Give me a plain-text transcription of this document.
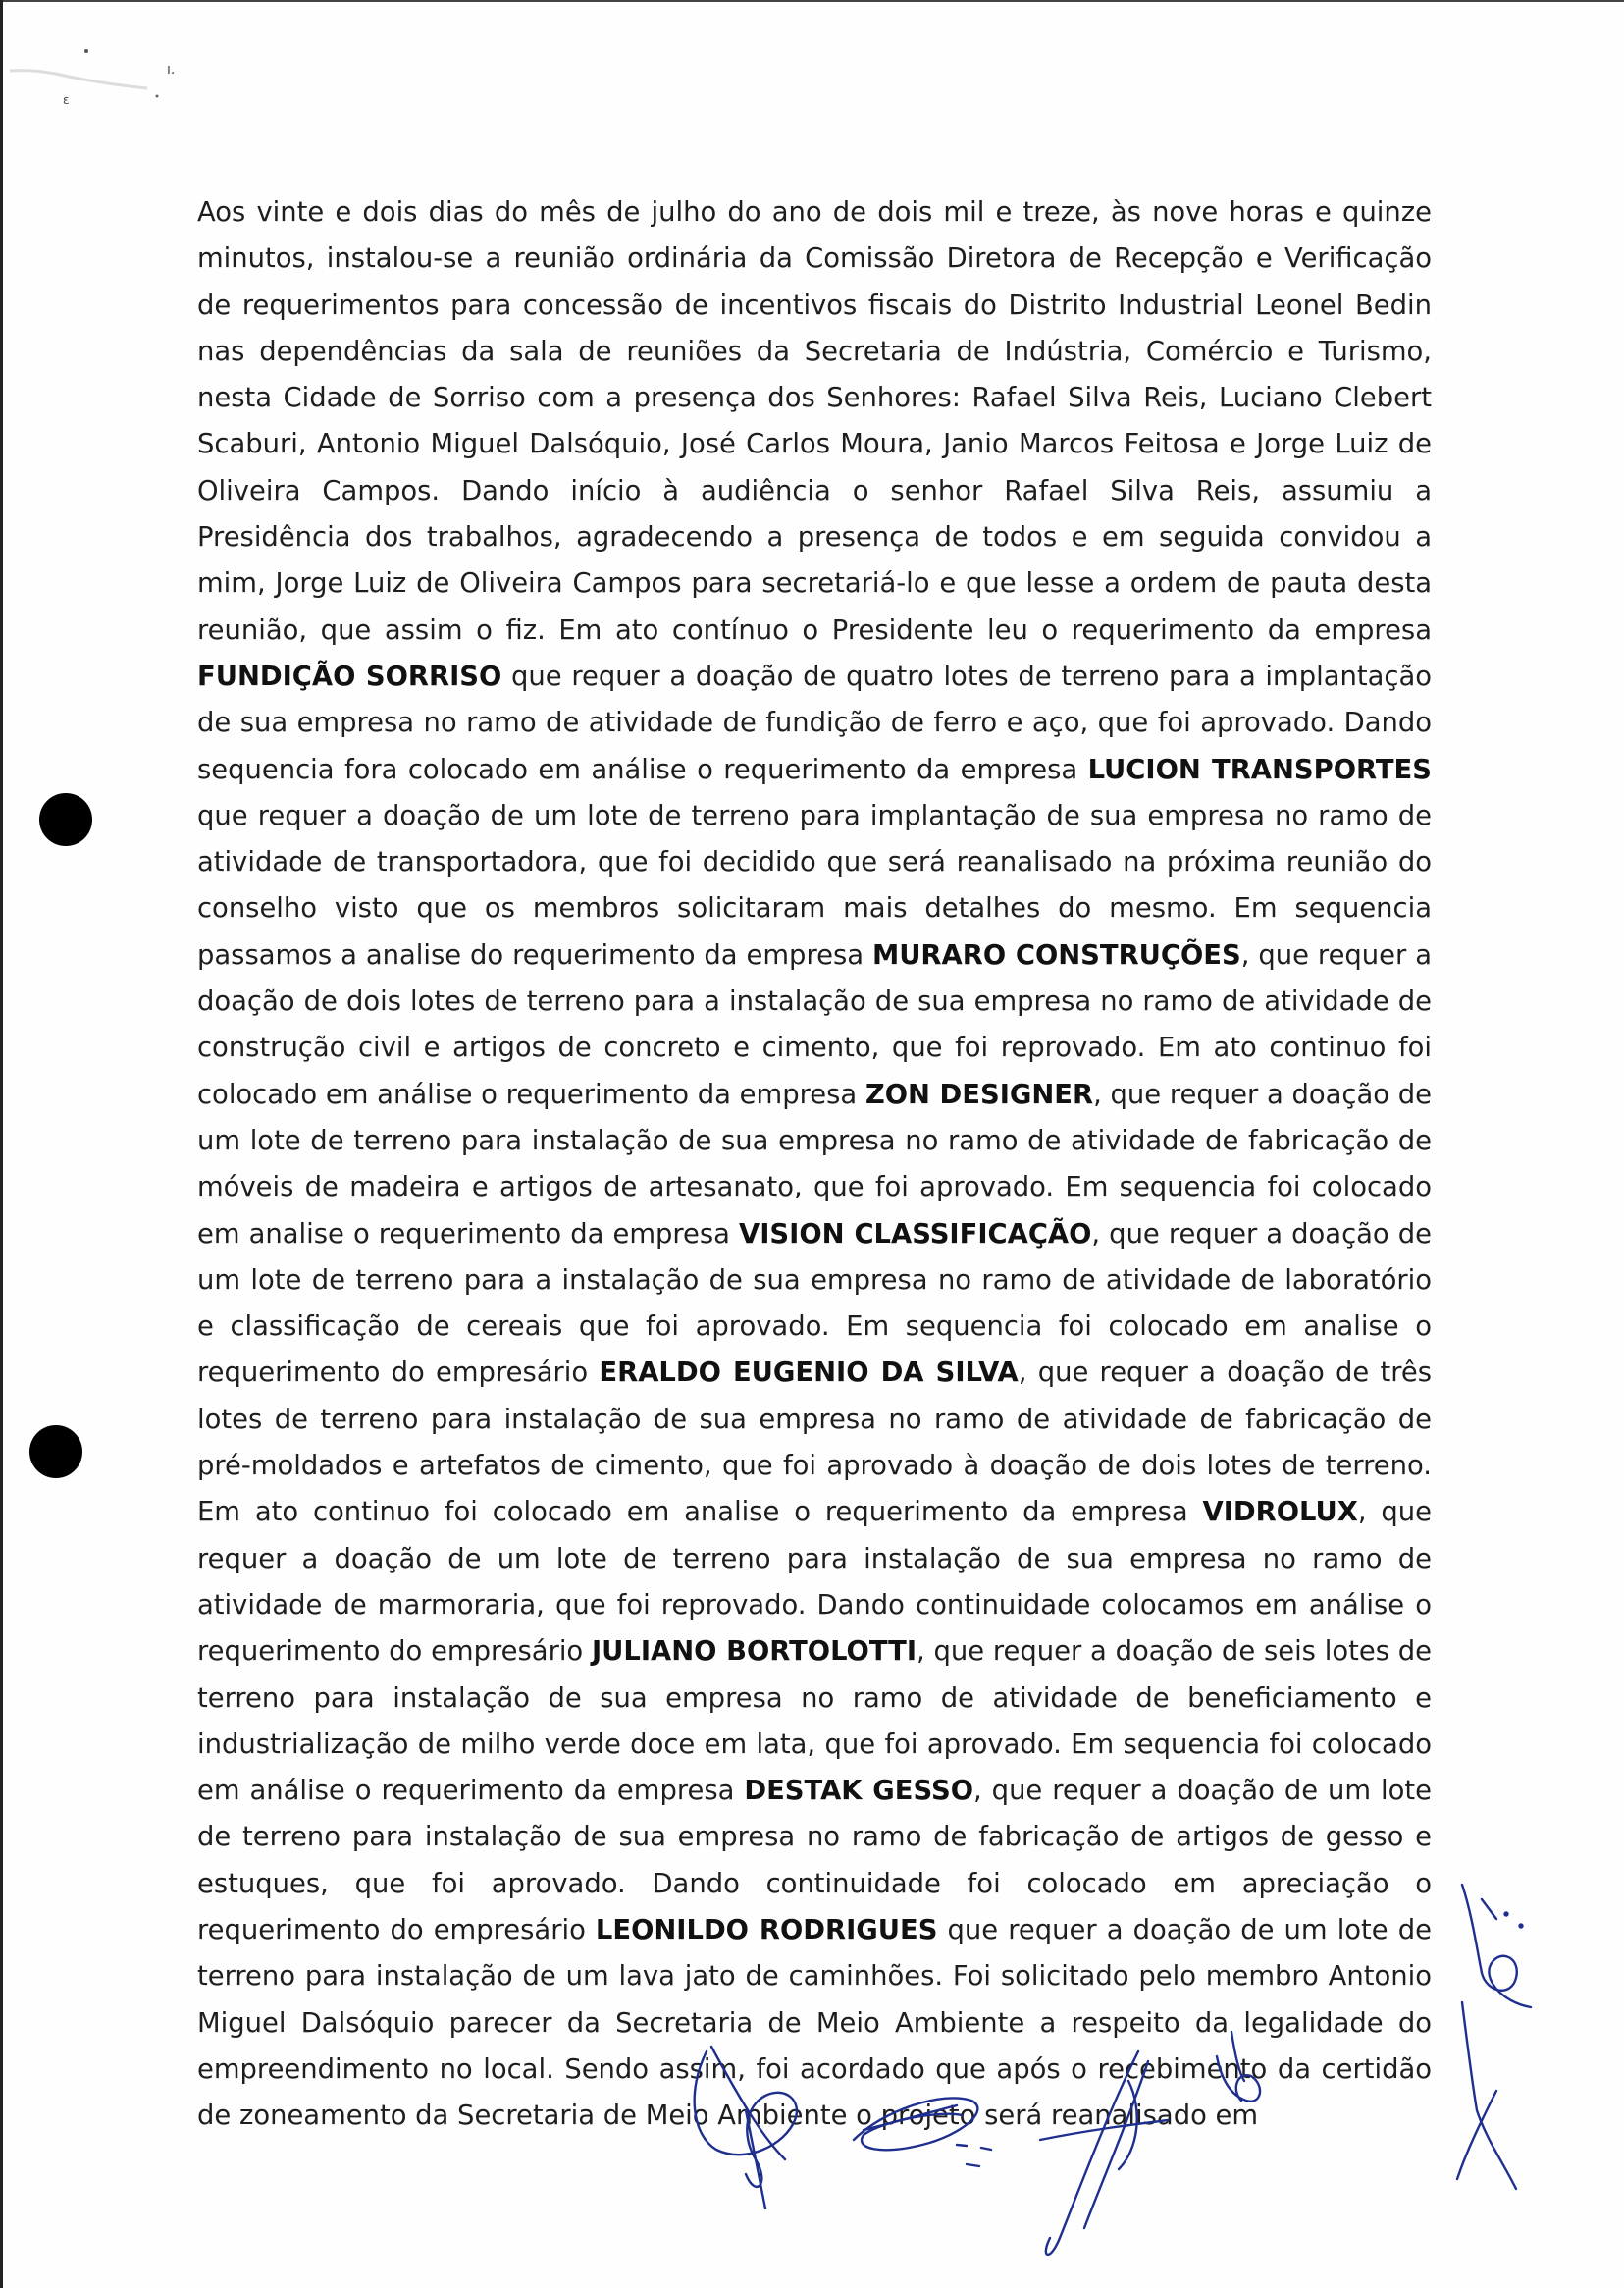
ı.
ɛ

Aos vinte e dois dias do mês de julho do ano de dois mil e treze, às nove horas e quinze minutos, instalou-se a reunião ordinária da Comissão Diretora de Recepção e Verificação de requerimentos para concessão de incentivos fiscais do Distrito Industrial Leonel Bedin nas dependências da sala de reuniões da Secretaria de Indústria, Comércio e Turismo, nesta Cidade de Sorriso com a presença dos Senhores: Rafael Silva Reis, Luciano Clebert Scaburi, Antonio Miguel Dalsóquio, José Carlos Moura, Janio Marcos Feitosa e Jorge Luiz de Oliveira Campos. Dando início à audiência o senhor Rafael Silva Reis, assumiu a Presidência dos trabalhos, agradecendo a presença de todos e em seguida convidou a mim, Jorge Luiz de Oliveira Campos para secretariá-lo e que lesse a ordem de pauta desta reunião, que assim o fiz. Em ato contínuo o Presidente leu o requerimento da empresa FUNDIÇÃO SORRISO que requer a doação de quatro lotes de terreno para a implantação de sua empresa no ramo de atividade de fundição de ferro e aço, que foi aprovado. Dando sequencia fora colocado em análise o requerimento da empresa LUCION TRANSPORTES que requer a doação de um lote de terreno para implantação de sua empresa no ramo de atividade de transportadora, que foi decidido que será reanalisado na próxima reunião do conselho visto que os membros solicitaram mais detalhes do mesmo. Em sequencia passamos a analise do requerimento da empresa MURARO CONSTRUÇÕES, que requer a doação de dois lotes de terreno para a instalação de sua empresa no ramo de atividade de construção civil e artigos de concreto e cimento, que foi reprovado. Em ato continuo foi colocado em análise o requerimento da empresa ZON DESIGNER, que requer a doação de um lote de terreno para instalação de sua empresa no ramo de atividade de fabricação de móveis de madeira e artigos de artesanato, que foi aprovado. Em sequencia foi colocado em analise o requerimento da empresa VISION CLASSIFICAÇÃO, que requer a doação de um lote de terreno para a instalação de sua empresa no ramo de atividade de laboratório e classificação de cereais que foi aprovado. Em sequencia foi colocado em analise o requerimento do empresário ERALDO EUGENIO DA SILVA, que requer a doação de três lotes de terreno para instalação de sua empresa no ramo de atividade de fabricação de pré-moldados e artefatos de cimento, que foi aprovado à doação de dois lotes de terreno. Em ato continuo foi colocado em analise o requerimento da empresa VIDROLUX, que requer a doação de um lote de terreno para instalação de sua empresa no ramo de atividade de marmoraria, que foi reprovado. Dando continuidade colocamos em análise o requerimento do empresário JULIANO BORTOLOTTI, que requer a doação de seis lotes de terreno para instalação de sua empresa no ramo de atividade de beneficiamento e industrialização de milho verde doce em lata, que foi aprovado. Em sequencia foi colocado em análise o requerimento da empresa DESTAK GESSO, que requer a doação de um lote de terreno para instalação de sua empresa no ramo de fabricação de artigos de gesso e estuques, que foi aprovado. Dando continuidade foi colocado em apreciação o requerimento do empresário LEONILDO RODRIGUES que requer a doação de um lote de terreno para instalação de um lava jato de caminhões. Foi solicitado pelo membro Antonio Miguel Dalsóquio parecer da Secretaria de Meio Ambiente a respeito da legalidade do empreendimento no local. Sendo assim, foi acordado que após o recebimento da certidão de zoneamento da Secretaria de Meio Ambiente o projeto será reanalisado em
